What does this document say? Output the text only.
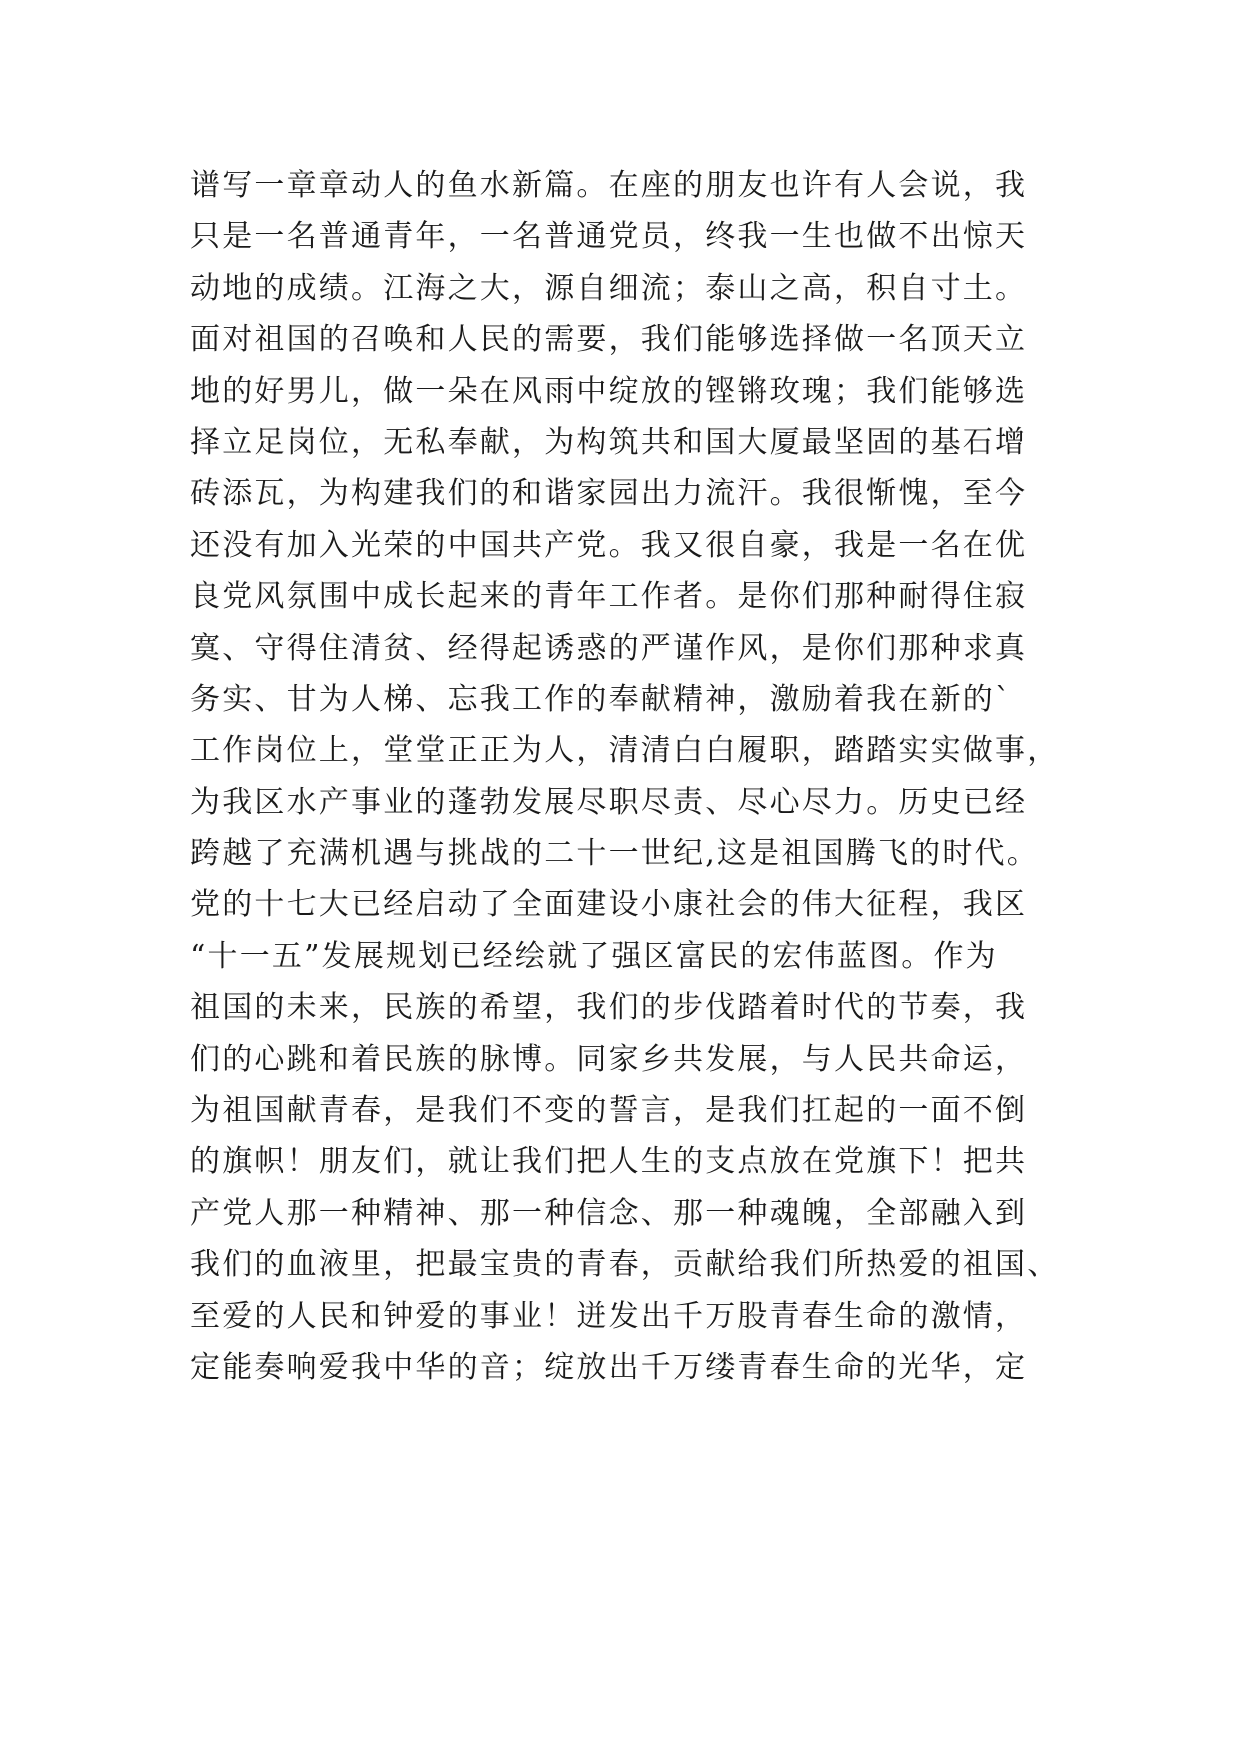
谱写一章章动人的鱼水新篇。在座的朋友也许有人会说，我
只是一名普通青年，一名普通党员，终我一生也做不出惊天
动地的成绩。江海之大，源自细流；泰山之高，积自寸土。
面对祖国的召唤和人民的需要，我们能够选择做一名顶天立
地的好男儿，做一朵在风雨中绽放的铿锵玫瑰；我们能够选
择立足岗位，无私奉献，为构筑共和国大厦最坚固的基石增
砖添瓦，为构建我们的和谐家园出力流汗。我很惭愧，至今
还没有加入光荣的中国共产党。我又很自豪，我是一名在优
良党风氛围中成长起来的青年工作者。是你们那种耐得住寂
寞、守得住清贫、经得起诱惑的严谨作风，是你们那种求真
务实、甘为人梯、忘我工作的奉献精神，激励着我在新的`
工作岗位上，堂堂正正为人，清清白白履职，踏踏实实做事，
为我区水产事业的蓬勃发展尽职尽责、尽心尽力。历史已经
跨越了充满机遇与挑战的二十一世纪,这是祖国腾飞的时代。
党的十七大已经启动了全面建设小康社会的伟大征程，我区
“十一五”发展规划已经绘就了强区富民的宏伟蓝图。作为
祖国的未来，民族的希望，我们的步伐踏着时代的节奏，我
们的心跳和着民族的脉博。同家乡共发展，与人民共命运，
为祖国献青春，是我们不变的誓言，是我们扛起的一面不倒
的旗帜！朋友们，就让我们把人生的支点放在党旗下！把共
产党人那一种精神、那一种信念、那一种魂魄，全部融入到
我们的血液里，把最宝贵的青春，贡献给我们所热爱的祖国、
至爱的人民和钟爱的事业！迸发出千万股青春生命的激情，
定能奏响爱我中华的音；绽放出千万缕青春生命的光华，定
